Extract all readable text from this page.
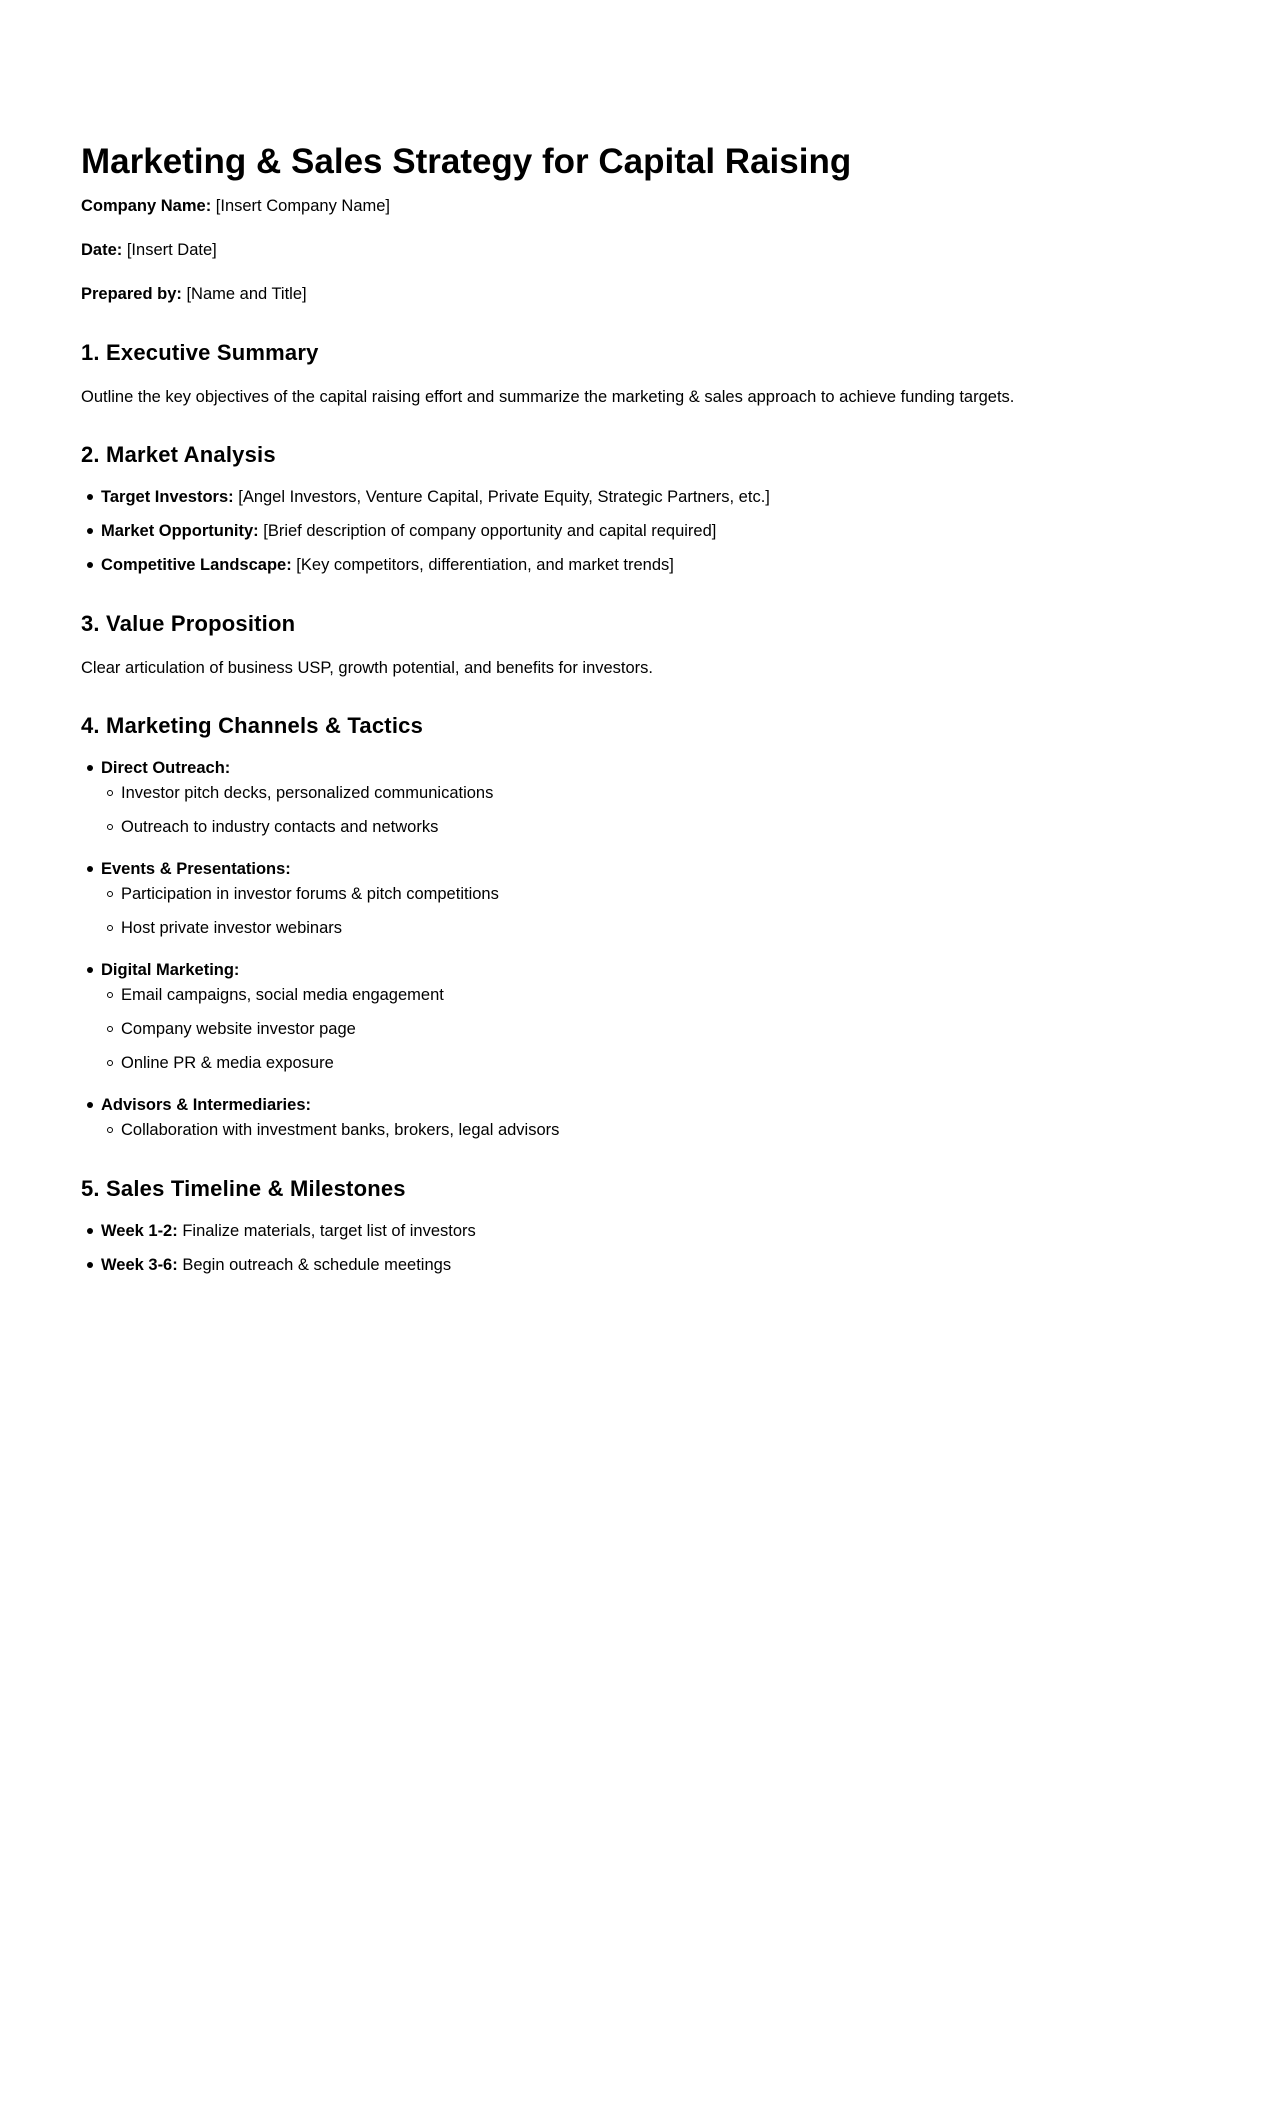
Marketing & Sales Strategy for Capital Raising

Company Name: [Insert Company Name]

Date: [Insert Date]

Prepared by: [Name and Title]

1. Executive Summary

Outline the key objectives of the capital raising effort and summarize the marketing & sales approach to achieve funding targets.

2. Market Analysis

Target Investors: [Angel Investors, Venture Capital, Private Equity, Strategic Partners, etc.]

Market Opportunity: [Brief description of company opportunity and capital required]

Competitive Landscape: [Key competitors, differentiation, and market trends]

3. Value Proposition

Clear articulation of business USP, growth potential, and benefits for investors.

4. Marketing Channels & Tactics

Direct Outreach:

Investor pitch decks, personalized communications

Outreach to industry contacts and networks

Events & Presentations:

Participation in investor forums & pitch competitions

Host private investor webinars

Digital Marketing:

Email campaigns, social media engagement

Company website investor page

Online PR & media exposure

Advisors & Intermediaries:

Collaboration with investment banks, brokers, legal advisors

5. Sales Timeline & Milestones

Week 1-2: Finalize materials, target list of investors

Week 3-6: Begin outreach & schedule meetings
